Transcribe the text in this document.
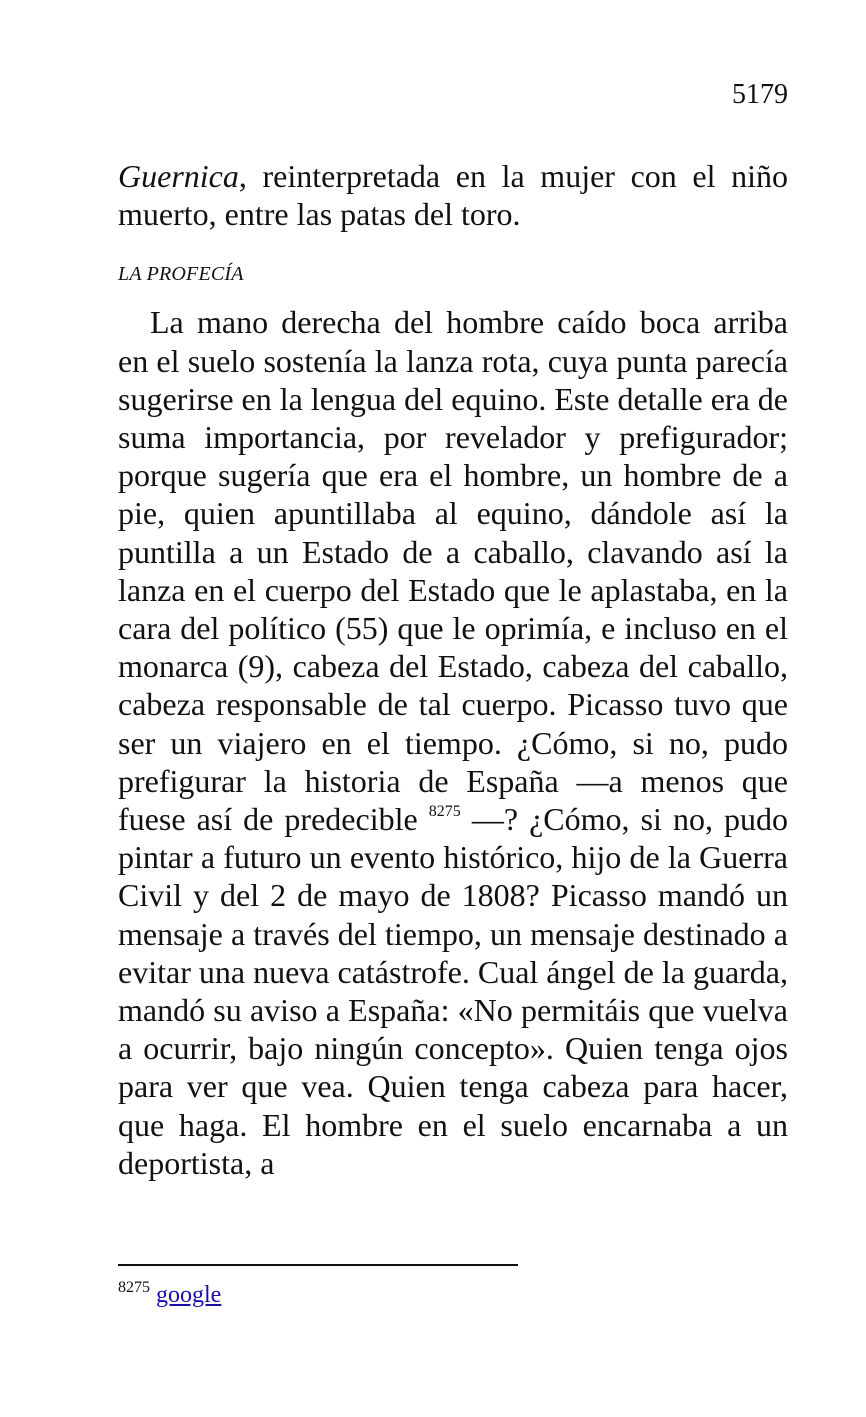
5179

Guernica, reinterpretada en la mujer con el niño muerto, entre las patas del toro.

LA PROFECÍA

La mano derecha del hombre caído boca arriba en el suelo sostenía la lanza rota, cuya punta parecía sugerirse en la lengua del equino. Este detalle era de suma importancia, por revelador y prefigurador; porque sugería que era el hombre, un hombre de a pie, quien apuntillaba al equino, dándole así la puntilla a un Estado de a caballo, clavando así la lanza en el cuerpo del Estado que le aplastaba, en la cara del político (55) que le oprimía, e incluso en el monarca (9), cabeza del Estado, cabeza del caballo, cabeza responsable de tal cuerpo. Picasso tuvo que ser un viajero en el tiempo. ¿Cómo, si no, pudo prefigurar la historia de España —a menos que fuese así de predecible $^{8275}$ —? ¿Cómo, si no, pudo pintar a futuro un evento histórico, hijo de la Guerra Civil y del 2 de mayo de 1808? Picasso mandó un mensaje a través del tiempo, un mensaje destinado a evitar una nueva catástrofe. Cual ángel de la guarda, mandó su aviso a España: «No permitáis que vuelva a ocurrir, bajo ningún concepto». Quien tenga ojos para ver que vea. Quien tenga cabeza para hacer, que haga. El hombre en el suelo encarnaba a un deportista, a

$^{8275}$ google
